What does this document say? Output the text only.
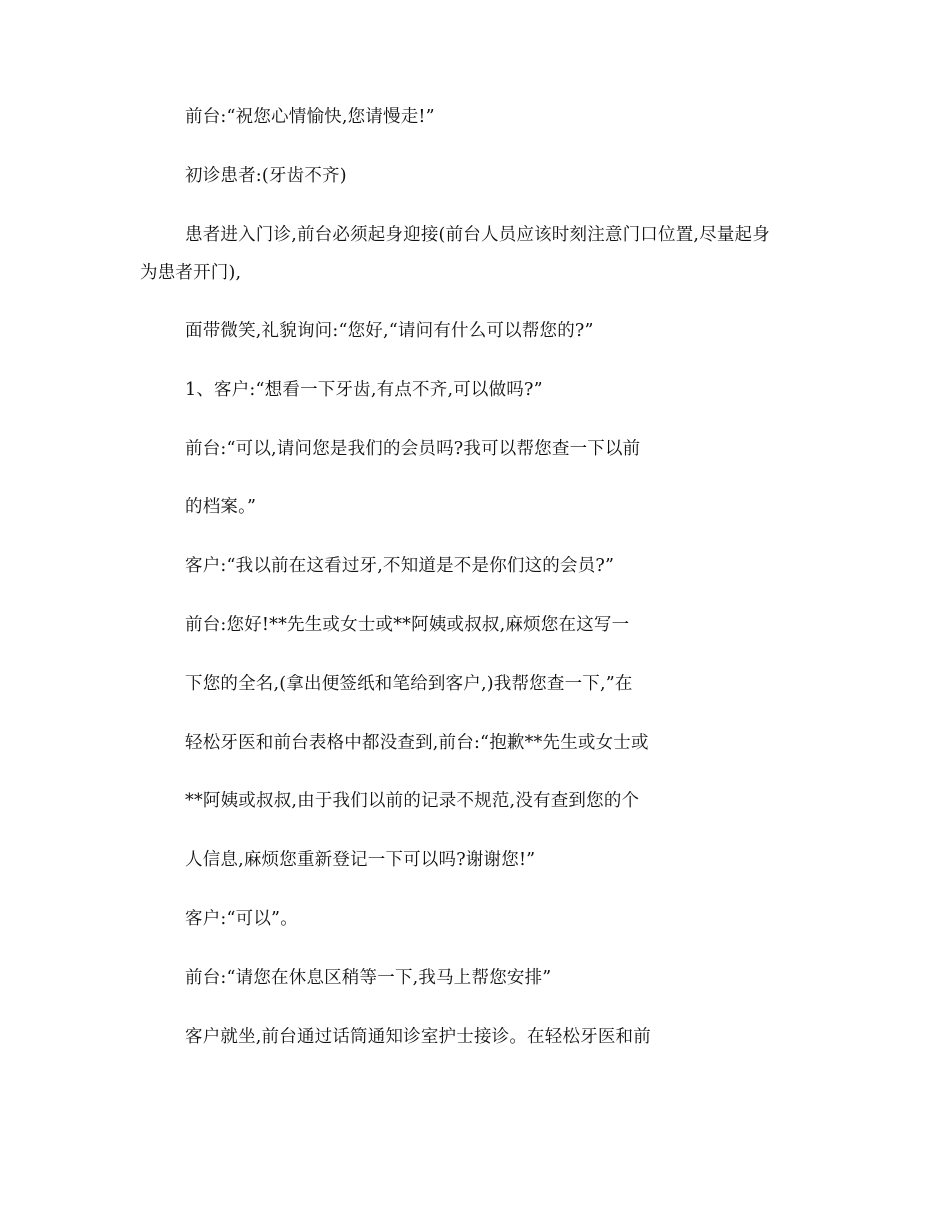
前台:“祝您心情愉快,您请慢走!”
初诊患者:(牙齿不齐)
患者进入门诊,前台必须起身迎接(前台人员应该时刻注意门口位置,尽量起身
为患者开门),
面带微笑,礼貌询问:“您好,“请问有什么可以帮您的?”
1、客户:“想看一下牙齿,有点不齐,可以做吗?”
前台:“可以,请问您是我们的会员吗?我可以帮您查一下以前
的档案。”
客户:“我以前在这看过牙,不知道是不是你们这的会员?”
前台:您好!**先生或女士或**阿姨或叔叔,麻烦您在这写一
下您的全名,(拿出便签纸和笔给到客户,)我帮您查一下,”在
轻松牙医和前台表格中都没查到,前台:“抱歉**先生或女士或
**阿姨或叔叔,由于我们以前的记录不规范,没有查到您的个
人信息,麻烦您重新登记一下可以吗?谢谢您!”
客户:“可以”。
前台:“请您在休息区稍等一下,我马上帮您安排”
客户就坐,前台通过话筒通知诊室护士接诊。在轻松牙医和前
